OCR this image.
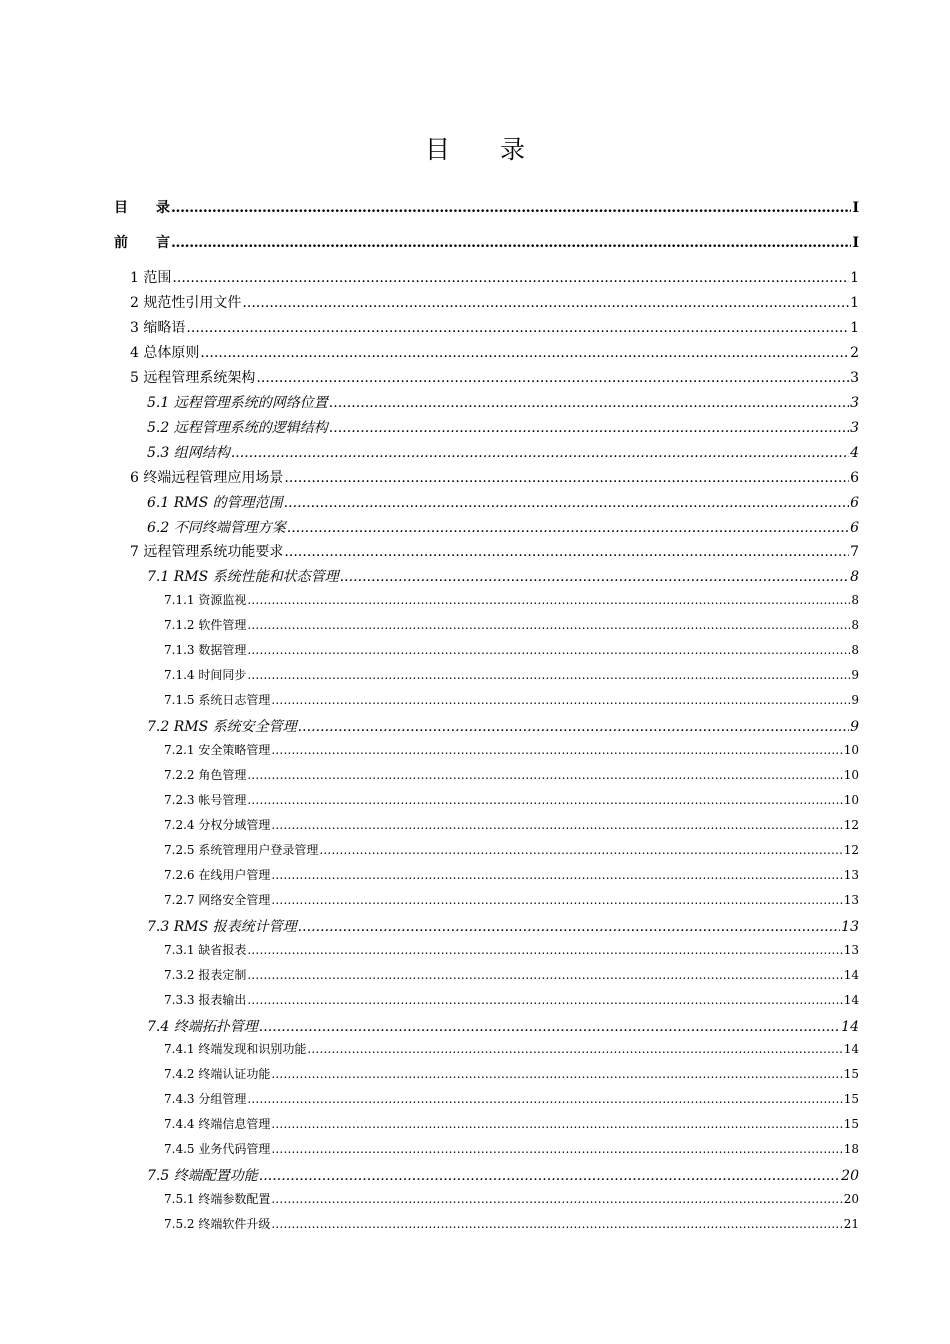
目　　录
目　　录 . . .	I
前　　言 . . .	I
1 范围 . . .	1
2 规范性引用文件 . . .	1
3 缩略语 . . .	1
4 总体原则 . . .	2
5 远程管理系统架构 . . .	3
5.1 远程管理系统的网络位置 . . .	3
5.2 远程管理系统的逻辑结构 . . .	3
5.3 组网结构 . . .	4
6 终端远程管理应用场景 . . .	6
6.1 RMS 的管理范围 . . .	6
6.2 不同终端管理方案 . . .	6
7 远程管理系统功能要求 . . .	7
7.1 RMS 系统性能和状态管理 . . .	8
7.1.1 资源监视 . . .	8
7.1.2 软件管理 . . .	8
7.1.3 数据管理 . . .	8
7.1.4 时间同步 . . .	9
7.1.5 系统日志管理 . . .	9
7.2 RMS 系统安全管理 . . .	9
7.2.1 安全策略管理 . . .	10
7.2.2 角色管理 . . .	10
7.2.3 帐号管理 . . .	10
7.2.4 分权分域管理 . . .	12
7.2.5 系统管理用户登录管理 . . .	12
7.2.6 在线用户管理 . . .	13
7.2.7 网络安全管理 . . .	13
7.3 RMS 报表统计管理 . . .	13
7.3.1 缺省报表 . . .	13
7.3.2 报表定制 . . .	14
7.3.3 报表输出 . . .	14
7.4 终端拓扑管理 . . .	14
7.4.1 终端发现和识别功能 . . .	14
7.4.2 终端认证功能 . . .	15
7.4.3 分组管理 . . .	15
7.4.4 终端信息管理 . . .	15
7.4.5 业务代码管理 . . .	18
7.5 终端配置功能 . . .	20
7.5.1 终端参数配置 . . .	20
7.5.2 终端软件升级 . . .	21
